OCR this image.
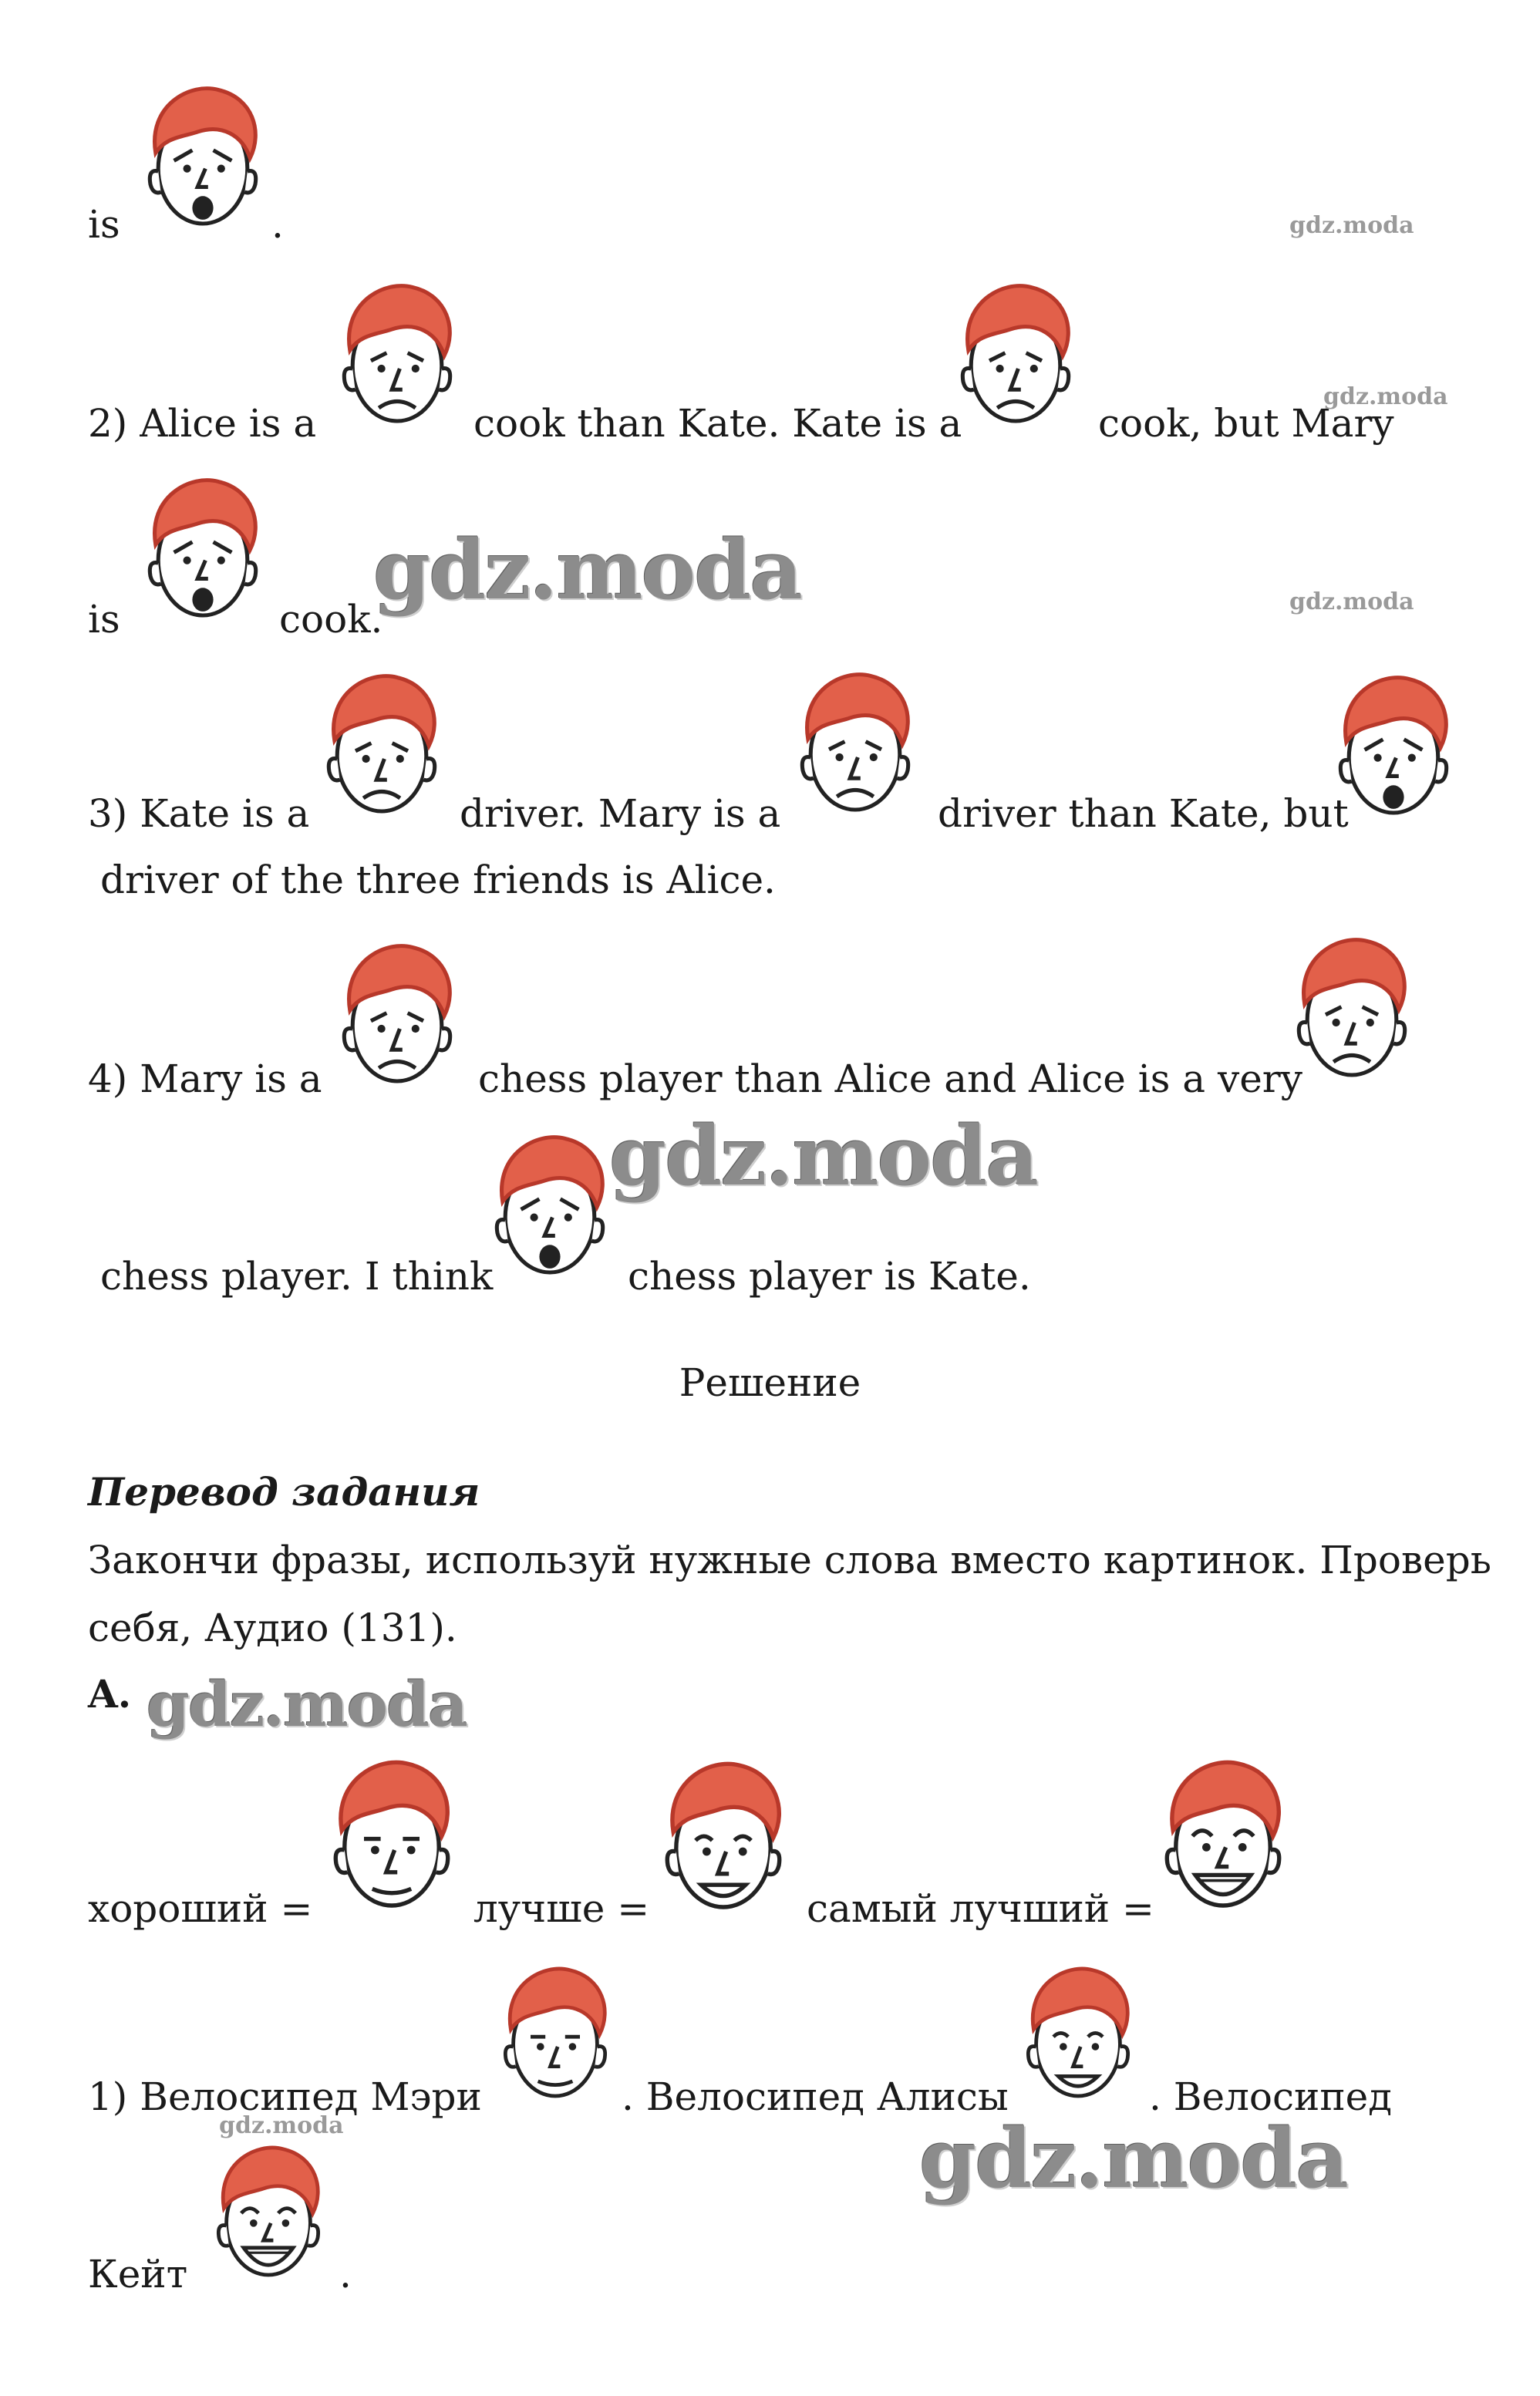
is	.
2) Alice is a	cook than Kate. Kate is a	cook, but Mary
is	cook.
3) Kate is a	driver. Mary is a	driver than Kate, but
driver of the three friends is Alice.
4) Mary is a	chess player than Alice and Alice is a very
chess player. I think	chess player is Kate.
Решение
Перевод задания
Закончи фразы, используй нужные слова вместо картинок. Проверь
себя, Аудио (131).
A.
хороший =	лучше =	самый лучший =
1) Велосипед Мэри	. Велосипед Алисы	. Велосипед
Кейт	.
gdz.moda
gdz.moda
gdz.moda
gdz.moda
gdz.moda
gdz.moda
gdz.moda	gdz.moda
